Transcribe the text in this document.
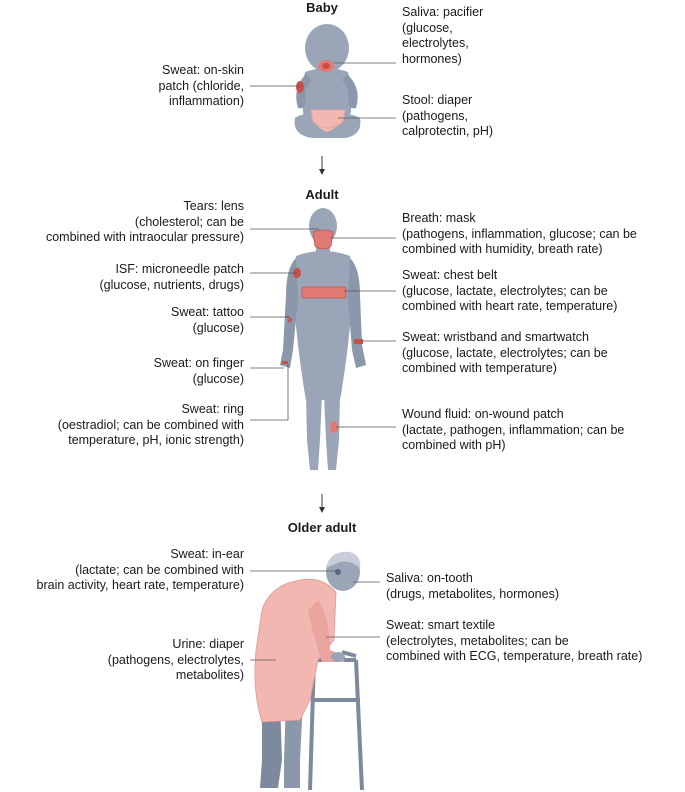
Baby
Adult
Older adult
Sweat: on-skin
patch (chloride,
inflammation)
Saliva: pacifier
(glucose,
electrolytes,
hormones)
Stool: diaper
(pathogens,
calprotectin, pH)
Tears: lens
(cholesterol; can be
combined with intraocular pressure)
ISF: microneedle patch
(glucose, nutrients, drugs)
Sweat: tattoo
(glucose)
Sweat: on finger
(glucose)
Sweat: ring
(oestradiol; can be combined with
temperature, pH, ionic strength)
Breath: mask
(pathogens, inflammation, glucose; can be
combined with humidity, breath rate)
Sweat: chest belt
(glucose, lactate, electrolytes; can be
combined with heart rate, temperature)
Sweat: wristband and smartwatch
(glucose, lactate, electrolytes; can be
combined with temperature)
Wound fluid: on-wound patch
(lactate, pathogen, inflammation; can be
combined with pH)
Sweat: in-ear
(lactate; can be combined with
brain activity, heart rate, temperature)
Urine: diaper
(pathogens, electrolytes,
metabolites)
Saliva: on-tooth
(drugs, metabolites, hormones)
Sweat: smart textile
(electrolytes, metabolites; can be
combined with ECG, temperature, breath rate)
